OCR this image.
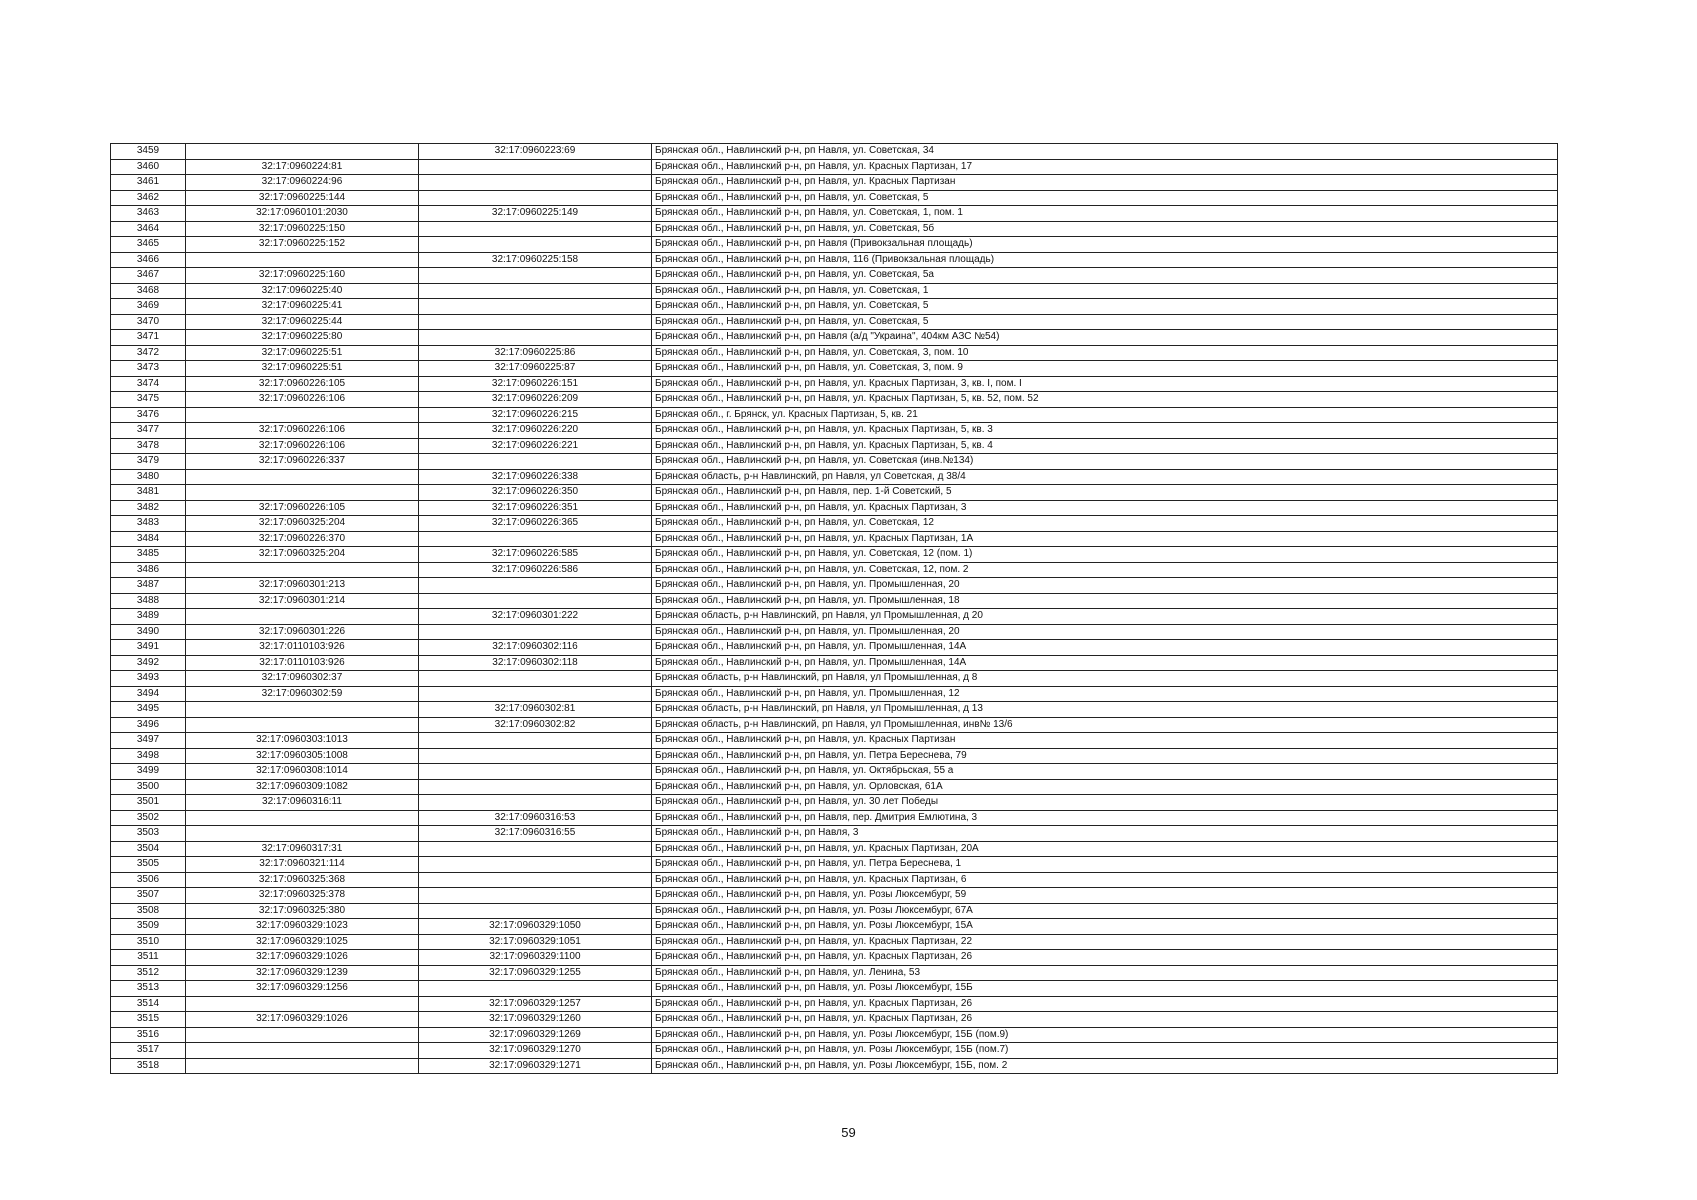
3459		32:17:0960223:69	Брянская обл., Навлинский р-н, рп Навля, ул. Советская, 34
3460	32:17:0960224:81		Брянская обл., Навлинский р-н, рп Навля, ул. Красных Партизан, 17
3461	32:17:0960224:96		Брянская обл., Навлинский р-н, рп Навля, ул. Красных Партизан
3462	32:17:0960225:144		Брянская обл., Навлинский р-н, рп Навля, ул. Советская, 5
3463	32:17:0960101:2030	32:17:0960225:149	Брянская обл., Навлинский р-н, рп Навля, ул. Советская, 1, пом. 1
3464	32:17:0960225:150		Брянская обл., Навлинский р-н, рп Навля, ул. Советская, 5б
3465	32:17:0960225:152		Брянская обл., Навлинский р-н, рп Навля (Привокзальная площадь)
3466		32:17:0960225:158	Брянская обл., Навлинский р-н, рп Навля, 116 (Привокзальная площадь)
3467	32:17:0960225:160		Брянская обл., Навлинский р-н, рп Навля, ул. Советская, 5а
3468	32:17:0960225:40		Брянская обл., Навлинский р-н, рп Навля, ул. Советская, 1
3469	32:17:0960225:41		Брянская обл., Навлинский р-н, рп Навля, ул. Советская, 5
3470	32:17:0960225:44		Брянская обл., Навлинский р-н, рп Навля, ул. Советская, 5
3471	32:17:0960225:80		Брянская обл., Навлинский р-н, рп Навля (а/д "Украина", 404км АЗС №54)
3472	32:17:0960225:51	32:17:0960225:86	Брянская обл., Навлинский р-н, рп Навля, ул. Советская, 3, пом. 10
3473	32:17:0960225:51	32:17:0960225:87	Брянская обл., Навлинский р-н, рп Навля, ул. Советская, 3, пом. 9
3474	32:17:0960226:105	32:17:0960226:151	Брянская обл., Навлинский р-н, рп Навля, ул. Красных Партизан, 3, кв. I, пом. I
3475	32:17:0960226:106	32:17:0960226:209	Брянская обл., Навлинский р-н, рп Навля, ул. Красных Партизан, 5, кв. 52, пом. 52
3476		32:17:0960226:215	Брянская обл., г. Брянск, ул. Красных Партизан, 5, кв. 21
3477	32:17:0960226:106	32:17:0960226:220	Брянская обл., Навлинский р-н, рп Навля, ул. Красных Партизан, 5, кв. 3
3478	32:17:0960226:106	32:17:0960226:221	Брянская обл., Навлинский р-н, рп Навля, ул. Красных Партизан, 5, кв. 4
3479	32:17:0960226:337		Брянская обл., Навлинский р-н, рп Навля, ул. Советская (инв.№134)
3480		32:17:0960226:338	Брянская область, р-н Навлинский, рп Навля, ул Советская, д 38/4
3481		32:17:0960226:350	Брянская обл., Навлинский р-н, рп Навля, пер. 1-й Советский, 5
3482	32:17:0960226:105	32:17:0960226:351	Брянская обл., Навлинский р-н, рп Навля, ул. Красных Партизан, 3
3483	32:17:0960325:204	32:17:0960226:365	Брянская обл., Навлинский р-н, рп Навля, ул. Советская, 12
3484	32:17:0960226:370		Брянская обл., Навлинский р-н, рп Навля, ул. Красных Партизан, 1А
3485	32:17:0960325:204	32:17:0960226:585	Брянская обл., Навлинский р-н, рп Навля, ул. Советская, 12 (пом. 1)
3486		32:17:0960226:586	Брянская обл., Навлинский р-н, рп Навля, ул. Советская, 12, пом. 2
3487	32:17:0960301:213		Брянская обл., Навлинский р-н, рп Навля, ул. Промышленная, 20
3488	32:17:0960301:214		Брянская обл., Навлинский р-н, рп Навля, ул. Промышленная, 18
3489		32:17:0960301:222	Брянская область, р-н Навлинский, рп Навля, ул Промышленная, д 20
3490	32:17:0960301:226		Брянская обл., Навлинский р-н, рп Навля, ул. Промышленная, 20
3491	32:17:0110103:926	32:17:0960302:116	Брянская обл., Навлинский р-н, рп Навля, ул. Промышленная, 14А
3492	32:17:0110103:926	32:17:0960302:118	Брянская обл., Навлинский р-н, рп Навля, ул. Промышленная, 14А
3493	32:17:0960302:37		Брянская область, р-н Навлинский, рп Навля, ул Промышленная, д 8
3494	32:17:0960302:59		Брянская обл., Навлинский р-н, рп Навля, ул. Промышленная, 12
3495		32:17:0960302:81	Брянская область, р-н Навлинский, рп Навля, ул Промышленная, д 13
3496		32:17:0960302:82	Брянская область, р-н Навлинский, рп Навля, ул Промышленная, инв№ 13/6
3497	32:17:0960303:1013		Брянская обл., Навлинский р-н, рп Навля, ул. Красных Партизан
3498	32:17:0960305:1008		Брянская обл., Навлинский р-н, рп Навля, ул. Петра Береснева, 79
3499	32:17:0960308:1014		Брянская обл., Навлинский р-н, рп Навля, ул. Октябрьская, 55 а
3500	32:17:0960309:1082		Брянская обл., Навлинский р-н, рп Навля, ул. Орловская, 61А
3501	32:17:0960316:11		Брянская обл., Навлинский р-н, рп Навля, ул. 30 лет Победы
3502		32:17:0960316:53	Брянская обл., Навлинский р-н, рп Навля, пер. Дмитрия Емлютина, 3
3503		32:17:0960316:55	Брянская обл., Навлинский р-н, рп Навля, 3
3504	32:17:0960317:31		Брянская обл., Навлинский р-н, рп Навля, ул. Красных Партизан, 20А
3505	32:17:0960321:114		Брянская обл., Навлинский р-н, рп Навля, ул. Петра Береснева, 1
3506	32:17:0960325:368		Брянская обл., Навлинский р-н, рп Навля, ул. Красных Партизан, 6
3507	32:17:0960325:378		Брянская обл., Навлинский р-н, рп Навля, ул. Розы Люксембург, 59
3508	32:17:0960325:380		Брянская обл., Навлинский р-н, рп Навля, ул. Розы Люксембург, 67А
3509	32:17:0960329:1023	32:17:0960329:1050	Брянская обл., Навлинский р-н, рп Навля, ул. Розы Люксембург, 15А
3510	32:17:0960329:1025	32:17:0960329:1051	Брянская обл., Навлинский р-н, рп Навля, ул. Красных Партизан, 22
3511	32:17:0960329:1026	32:17:0960329:1100	Брянская обл., Навлинский р-н, рп Навля, ул. Красных Партизан, 26
3512	32:17:0960329:1239	32:17:0960329:1255	Брянская обл., Навлинский р-н, рп Навля, ул. Ленина, 53
3513	32:17:0960329:1256		Брянская обл., Навлинский р-н, рп Навля, ул. Розы Люксембург, 15Б
3514		32:17:0960329:1257	Брянская обл., Навлинский р-н, рп Навля, ул. Красных Партизан, 26
3515	32:17:0960329:1026	32:17:0960329:1260	Брянская обл., Навлинский р-н, рп Навля, ул. Красных Партизан, 26
3516		32:17:0960329:1269	Брянская обл., Навлинский р-н, рп Навля, ул. Розы Люксембург, 15Б (пом.9)
3517		32:17:0960329:1270	Брянская обл., Навлинский р-н, рп Навля, ул. Розы Люксембург, 15Б (пом.7)
3518		32:17:0960329:1271	Брянская обл., Навлинский р-н, рп Навля, ул. Розы Люксембург, 15Б, пом. 2
59
